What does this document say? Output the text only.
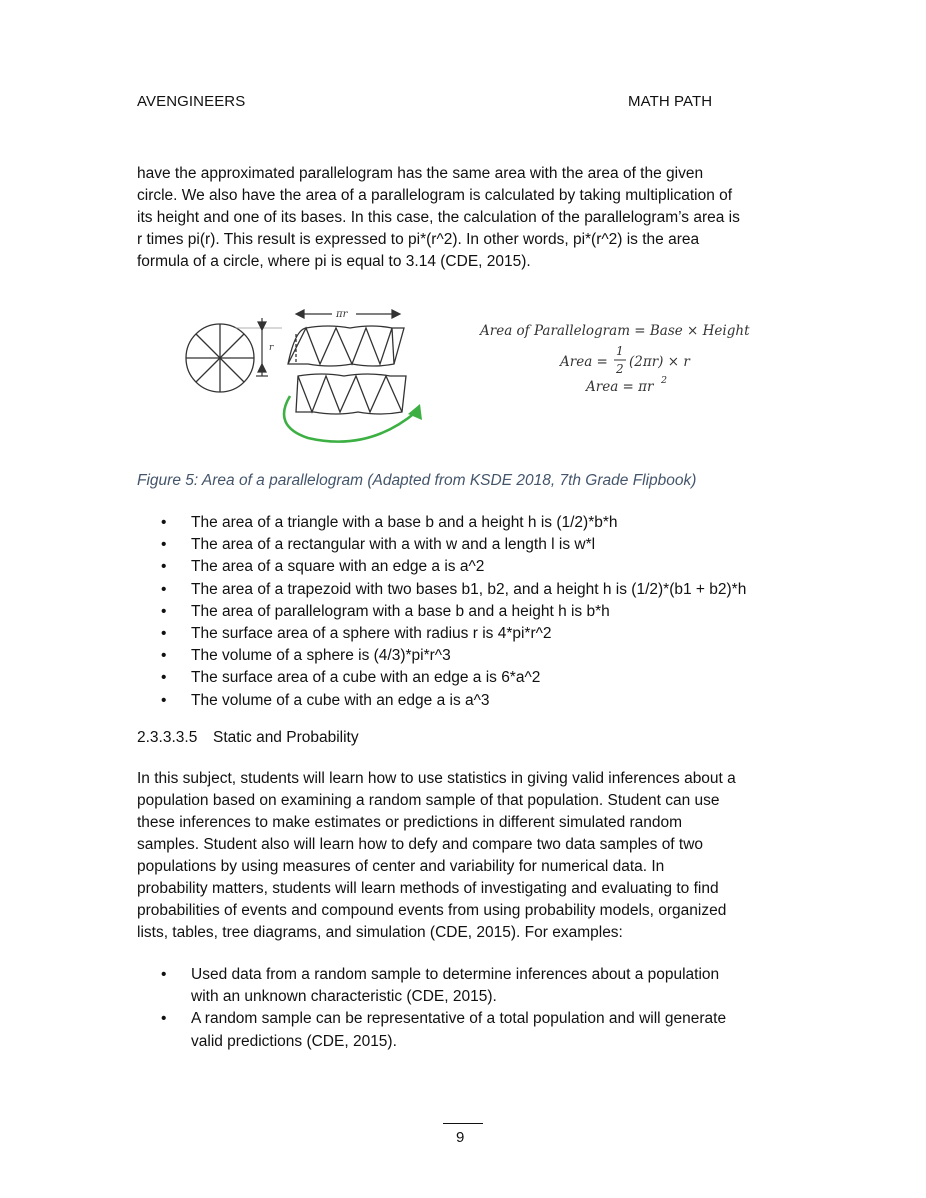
AVENGINEERS	MATH PATH
have the approximated parallelogram has the same area with the area of the given
circle. We also have the area of a parallelogram is calculated by taking multiplication of
its height and one of its bases. In this case, the calculation of the parallelogram’s area is
r times pi(r). This result is expressed to pi*(r^2). In other words, pi*(r^2) is the area
formula of a circle, where pi is equal to 3.14 (CDE, 2015).
r
πr
Area of Parallelogram = Base × Height
Area =
1
2 (2πr) × r
Area = πr 2
Figure 5: Area of a parallelogram (Adapted from KSDE 2018, 7th Grade Flipbook)
• The area of a triangle with a base b and a height h is (1/2)*b*h
• The area of a rectangular with a with w and a length l is w*l
• The area of a square with an edge a is a^2
• The area of a trapezoid with two bases b1, b2, and a height h is (1/2)*(b1 + b2)*h
• The area of parallelogram with a base b and a height h is b*h
• The surface area of a sphere with radius r is 4*pi*r^2
• The volume of a sphere is (4/3)*pi*r^3
• The surface area of a cube with an edge a is 6*a^2
• The volume of a cube with an edge a is a^3
2.3.3.3.5 Static and Probability
In this subject, students will learn how to use statistics in giving valid inferences about a
population based on examining a random sample of that population. Student can use
these inferences to make estimates or predictions in different simulated random
samples. Student also will learn how to defy and compare two data samples of two
populations by using measures of center and variability for numerical data. In
probability matters, students will learn methods of investigating and evaluating to find
probabilities of events and compound events from using probability models, organized
lists, tables, tree diagrams, and simulation (CDE, 2015). For examples:
• Used data from a random sample to determine inferences about a population
with an unknown characteristic (CDE, 2015).
• A random sample can be representative of a total population and will generate
valid predictions (CDE, 2015).
9
